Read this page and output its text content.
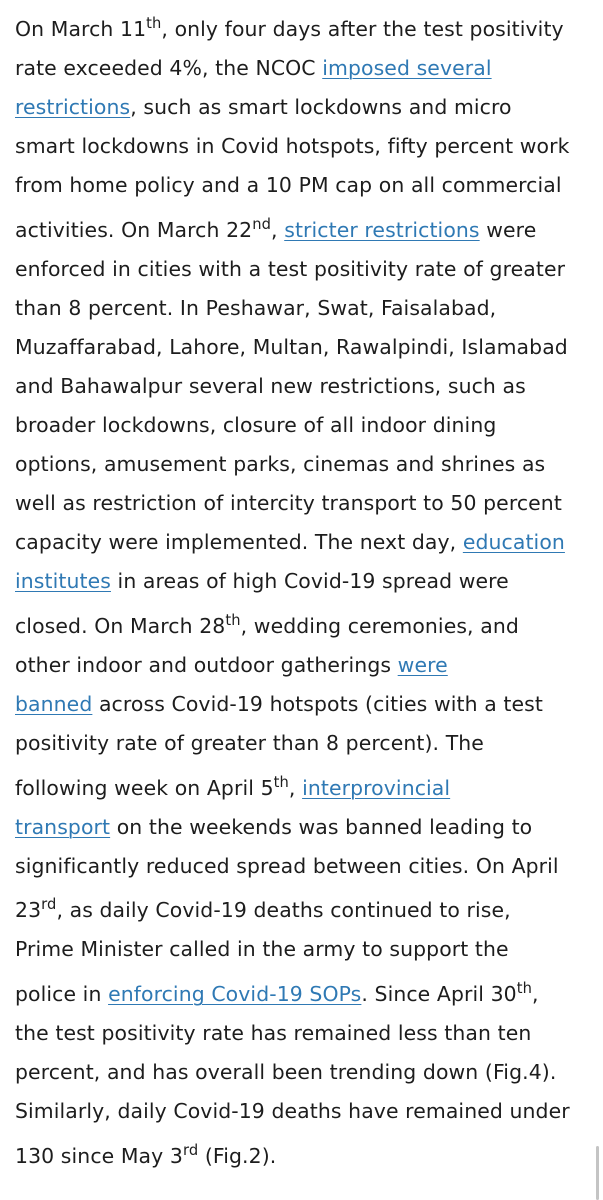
On March 11th, only four days after the test positivity
rate exceeded 4%, the NCOC imposed several
restrictions, such as smart lockdowns and micro
smart lockdowns in Covid hotspots, fifty percent work
from home policy and a 10 PM cap on all commercial
activities. On March 22nd, stricter restrictions were
enforced in cities with a test positivity rate of greater
than 8 percent. In Peshawar, Swat, Faisalabad,
Muzaffarabad, Lahore, Multan, Rawalpindi, Islamabad
and Bahawalpur several new restrictions, such as
broader lockdowns, closure of all indoor dining
options, amusement parks, cinemas and shrines as
well as restriction of intercity transport to 50 percent
capacity were implemented. The next day, education
institutes in areas of high Covid-19 spread were
closed. On March 28th, wedding ceremonies, and
other indoor and outdoor gatherings were
banned across Covid-19 hotspots (cities with a test
positivity rate of greater than 8 percent). The
following week on April 5th, interprovincial
transport on the weekends was banned leading to
significantly reduced spread between cities. On April
23rd, as daily Covid-19 deaths continued to rise,
Prime Minister called in the army to support the
police in enforcing Covid-19 SOPs. Since April 30th,
the test positivity rate has remained less than ten
percent, and has overall been trending down (Fig.4).
Similarly, daily Covid-19 deaths have remained under
130 since May 3rd (Fig.2).
